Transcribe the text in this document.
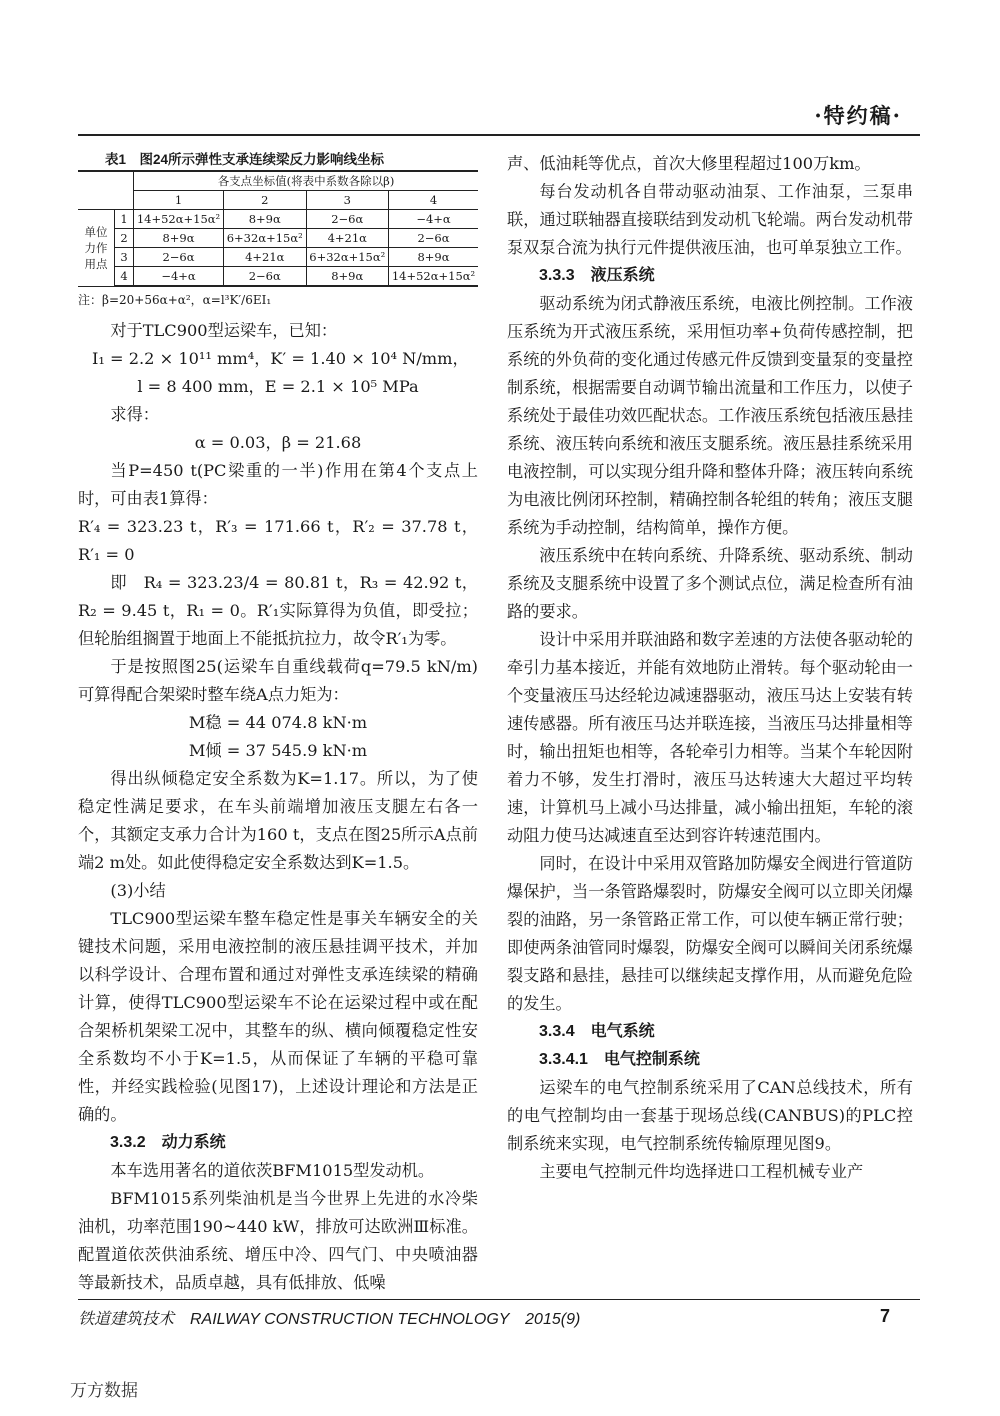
·特约稿·

表1　图24所示弹性支承连续梁反力影响线坐标

		各支点坐标值(将表中系数各除以β)			
		1	2	3	4
单位力作用点	1	14+52α+15α²	8+9α	2−6α	−4+α
	2	8+9α	6+32α+15α²	4+21α	2−6α
	3	2−6α	4+21α	6+32α+15α²	8+9α
	4	−4+α	2−6α	8+9α	14+52α+15α²
注：β=20+56α+α²，α=l³K′/6EI₁

对于TLC900型运梁车，已知：

I₁ = 2.2 × 10¹¹ mm⁴，K′ = 1.40 × 10⁴ N/mm，

l = 8 400 mm，E = 2.1 × 10⁵ MPa

求得：

α = 0.03，β = 21.68

当P=450 t(PC梁重的一半)作用在第4个支点上时，可由表1算得：

R′₄ = 323.23 t，R′₃ = 171.66 t，R′₂ = 37.78 t，R′₁ = 0

即　R₄ = 323.23/4 = 80.81 t，R₃ = 42.92 t，R₂ = 9.45 t，R₁ = 0。R′₁实际算得为负值，即受拉；但轮胎组搁置于地面上不能抵抗拉力，故令R′₁为零。

于是按照图25(运梁车自重线载荷q=79.5 kN/m)可算得配合架梁时整车绕A点力矩为：

M稳 = 44 074.8 kN·m

M倾 = 37 545.9 kN·m

得出纵倾稳定安全系数为K=1.17。所以，为了使稳定性满足要求，在车头前端增加液压支腿左右各一个，其额定支承力合计为160 t，支点在图25所示A点前端2 m处。如此使得稳定安全系数达到K=1.5。

(3)小结

TLC900型运梁车整车稳定性是事关车辆安全的关键技术问题，采用电液控制的液压悬挂调平技术，并加以科学设计、合理布置和通过对弹性支承连续梁的精确计算，使得TLC900型运梁车不论在运梁过程中或在配合架桥机架梁工况中，其整车的纵、横向倾覆稳定性安全系数均不小于K=1.5，从而保证了车辆的平稳可靠性，并经实践检验(见图17)，上述设计理论和方法是正确的。

3.3.2　动力系统

本车选用著名的道依茨BFM1015型发动机。

BFM1015系列柴油机是当今世界上先进的水冷柴油机，功率范围190~440 kW，排放可达欧洲Ⅲ标准。配置道依茨供油系统、增压中冷、四气门、中央喷油器等最新技术，品质卓越，具有低排放、低噪

声、低油耗等优点，首次大修里程超过100万km。

每台发动机各自带动驱动油泵、工作油泵，三泵串联，通过联轴器直接联结到发动机飞轮端。两台发动机带泵双泵合流为执行元件提供液压油，也可单泵独立工作。

3.3.3　液压系统

驱动系统为闭式静液压系统，电液比例控制。工作液压系统为开式液压系统，采用恒功率+负荷传感控制，把系统的外负荷的变化通过传感元件反馈到变量泵的变量控制系统，根据需要自动调节输出流量和工作压力，以使子系统处于最佳功效匹配状态。工作液压系统包括液压悬挂系统、液压转向系统和液压支腿系统。液压悬挂系统采用电液控制，可以实现分组升降和整体升降；液压转向系统为电液比例闭环控制，精确控制各轮组的转角；液压支腿系统为手动控制，结构简单，操作方便。

液压系统中在转向系统、升降系统、驱动系统、制动系统及支腿系统中设置了多个测试点位，满足检查所有油路的要求。

设计中采用并联油路和数字差速的方法使各驱动轮的牵引力基本接近，并能有效地防止滑转。每个驱动轮由一个变量液压马达经轮边减速器驱动，液压马达上安装有转速传感器。所有液压马达并联连接，当液压马达排量相等时，输出扭矩也相等，各轮牵引力相等。当某个车轮因附着力不够，发生打滑时，液压马达转速大大超过平均转速，计算机马上减小马达排量，减小输出扭矩，车轮的滚动阻力使马达减速直至达到容许转速范围内。

同时，在设计中采用双管路加防爆安全阀进行管道防爆保护，当一条管路爆裂时，防爆安全阀可以立即关闭爆裂的油路，另一条管路正常工作，可以使车辆正常行驶；即使两条油管同时爆裂，防爆安全阀可以瞬间关闭系统爆裂支路和悬挂，悬挂可以继续起支撑作用，从而避免危险的发生。

3.3.4　电气系统

3.3.4.1　电气控制系统

运梁车的电气控制系统采用了CAN总线技术，所有的电气控制均由一套基于现场总线(CANBUS)的PLC控制系统来实现，电气控制系统传输原理见图9。

主要电气控制元件均选择进口工程机械专业产

铁道建筑技术　RAILWAY CONSTRUCTION TECHNOLOGY　2015(9)	7
万方数据
